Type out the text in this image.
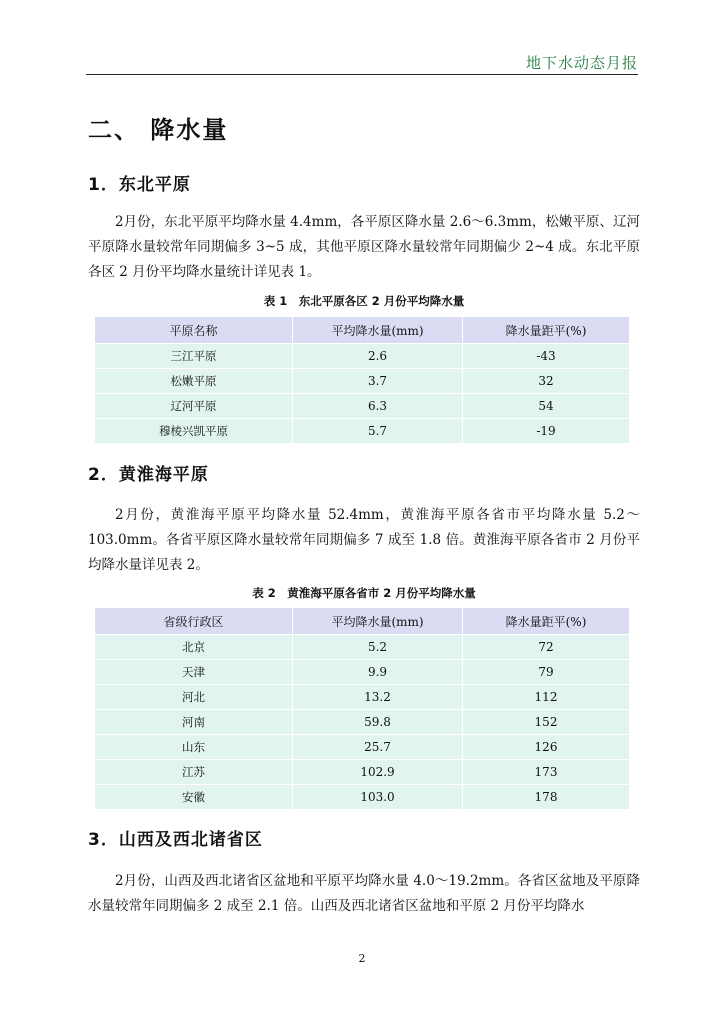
地下水动态月报
二、 降水量
1．东北平原
2月份，东北平原平均降水量 4.4mm，各平原区降水量 2.6～6.3mm，松嫩平原、辽河平原降水量较常年同期偏多 3~5 成，其他平原区降水量较常年同期偏少 2~4 成。东北平原各区 2 月份平均降水量统计详见表 1。
表 1　东北平原各区 2 月份平均降水量
平原名称	平均降水量(mm)	降水量距平(%)
三江平原	2.6	-43
松嫩平原	3.7	32
辽河平原	6.3	54
穆棱兴凯平原	5.7	-19
2．黄淮海平原
2月份，黄淮海平原平均降水量 52.4mm，黄淮海平原各省市平均降水量 5.2～103.0mm。各省平原区降水量较常年同期偏多 7 成至 1.8 倍。黄淮海平原各省市 2 月份平均降水量详见表 2。
表 2　黄淮海平原各省市 2 月份平均降水量
省级行政区	平均降水量(mm)	降水量距平(%)
北京	5.2	72
天津	9.9	79
河北	13.2	112
河南	59.8	152
山东	25.7	126
江苏	102.9	173
安徽	103.0	178
3．山西及西北诸省区
2月份，山西及西北诸省区盆地和平原平均降水量 4.0～19.2mm。各省区盆地及平原降水量较常年同期偏多 2 成至 2.1 倍。山西及西北诸省区盆地和平原 2 月份平均降水
2
